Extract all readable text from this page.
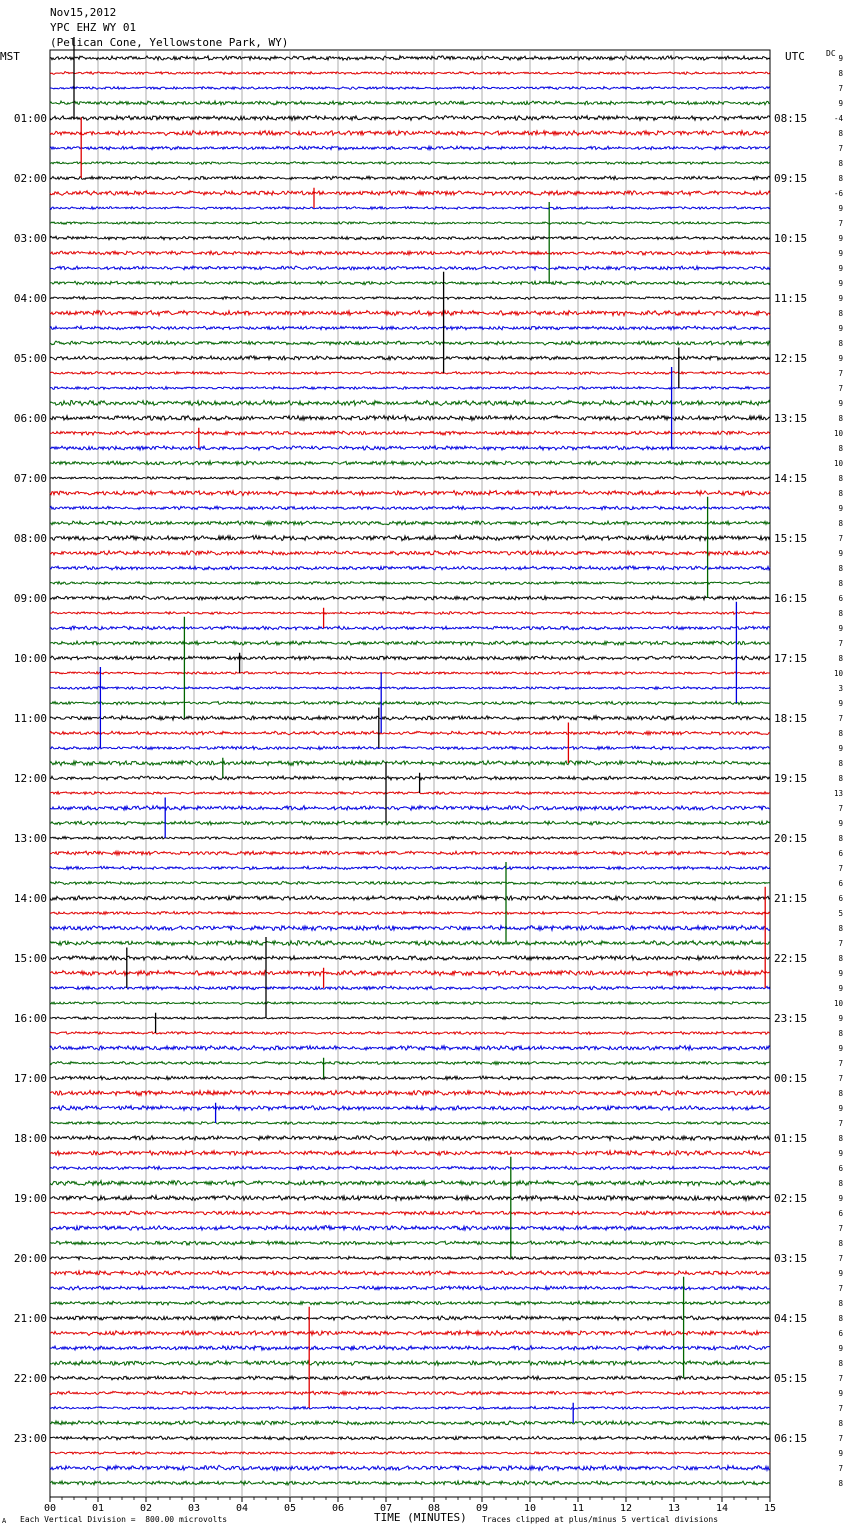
Nov15,2012
YPC EHZ WY 01
(Pelican Cone, Yellowstone Park, WY)
MST	UTC	DC
00	01	02	03	04	05	06	07	08	09	10	11	12	13	14	15
9
8
7
9
-4
8
7
8
8
-6
9
7
9
9
9
9
9
8
9
8
9
7
7
9
8
10
8
10
8
8
9
8
7
9
8
8
6
8
9
7
8
10
3
9
7
8
9
8
8
13
7
9
8
6
7
6
6
5
8
7
8
9
9
10
9
8
9
7
7
8
9
7
8
9
6
8
9
6
7
8
7
9
7
8
8
6
9
8
7
9
7
8
7
9
7
8
01:00
02:00
03:00
04:00
05:00
06:00
07:00
08:00
09:00
10:00
11:00
12:00
13:00
14:00
15:00
16:00
17:00
18:00
19:00
20:00
21:00
22:00
23:00
08:15
09:15
10:15
11:15
12:15
13:15
14:15
15:15
16:15
17:15
18:15
19:15
20:15
21:15
22:15
23:15
00:15
01:15
02:15
03:15
04:15
05:15
06:15
TIME (MINUTES)
A Each Vertical Division =  800.00 microvolts	Traces clipped at plus/minus 5 vertical divisions
